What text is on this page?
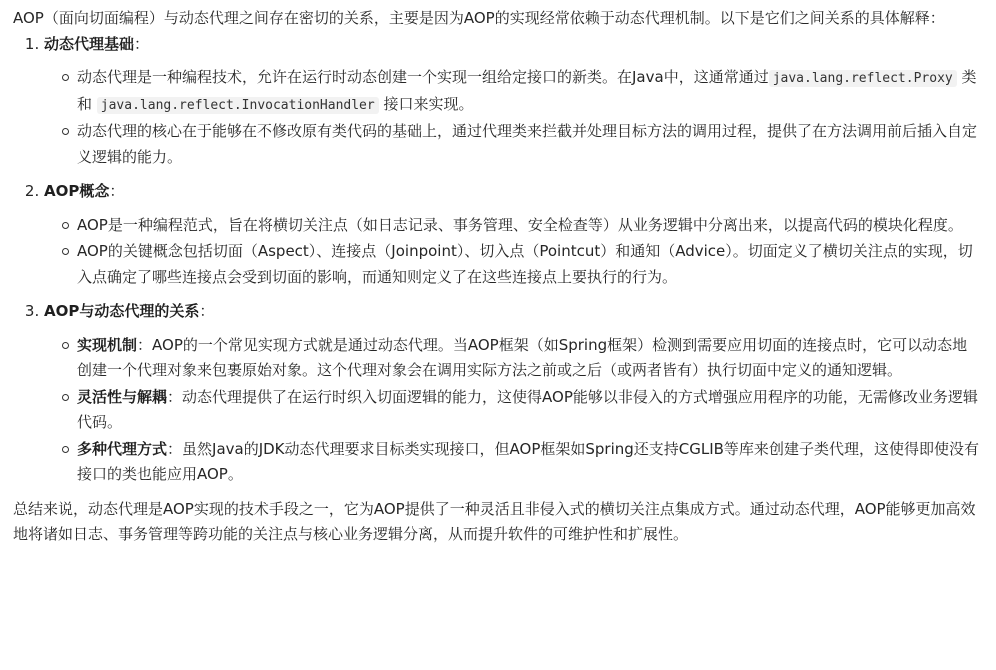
AOP（面向切面编程）与动态代理之间存在密切的关系，主要是因为AOP的实现经常依赖于动态代理机制。以下是它们之间关系的具体解释：

1. 动态代理基础：
动态代理是一种编程技术，允许在运行时动态创建一个实现一组给定接口的新类。在Java中，这通常通过 java.lang.reflect.Proxy 类和 java.lang.reflect.InvocationHandler 接口来实现。
动态代理的核心在于能够在不修改原有类代码的基础上，通过代理类来拦截并处理目标方法的调用过程，提供了在方法调用前后插入自定义逻辑的能力。
2. AOP概念：
AOP是一种编程范式，旨在将横切关注点（如日志记录、事务管理、安全检查等）从业务逻辑中分离出来，以提高代码的模块化程度。
AOP的关键概念包括切面（Aspect）、连接点（Joinpoint）、切入点（Pointcut）和通知（Advice）。切面定义了横切关注点的实现，切入点确定了哪些连接点会受到切面的影响，而通知则定义了在这些连接点上要执行的行为。
3. AOP与动态代理的关系：
实现机制：AOP的一个常见实现方式就是通过动态代理。当AOP框架（如Spring框架）检测到需要应用切面的连接点时，它可以动态地创建一个代理对象来包裹原始对象。这个代理对象会在调用实际方法之前或之后（或两者皆有）执行切面中定义的通知逻辑。
灵活性与解耦：动态代理提供了在运行时织入切面逻辑的能力，这使得AOP能够以非侵入的方式增强应用程序的功能，无需修改业务逻辑代码。
多种代理方式：虽然Java的JDK动态代理要求目标类实现接口，但AOP框架如Spring还支持CGLIB等库来创建子类代理，这使得即使没有接口的类也能应用AOP。

总结来说，动态代理是AOP实现的技术手段之一，它为AOP提供了一种灵活且非侵入式的横切关注点集成方式。通过动态代理，AOP能够更加高效地将诸如日志、事务管理等跨功能的关注点与核心业务逻辑分离，从而提升软件的可维护性和扩展性。
